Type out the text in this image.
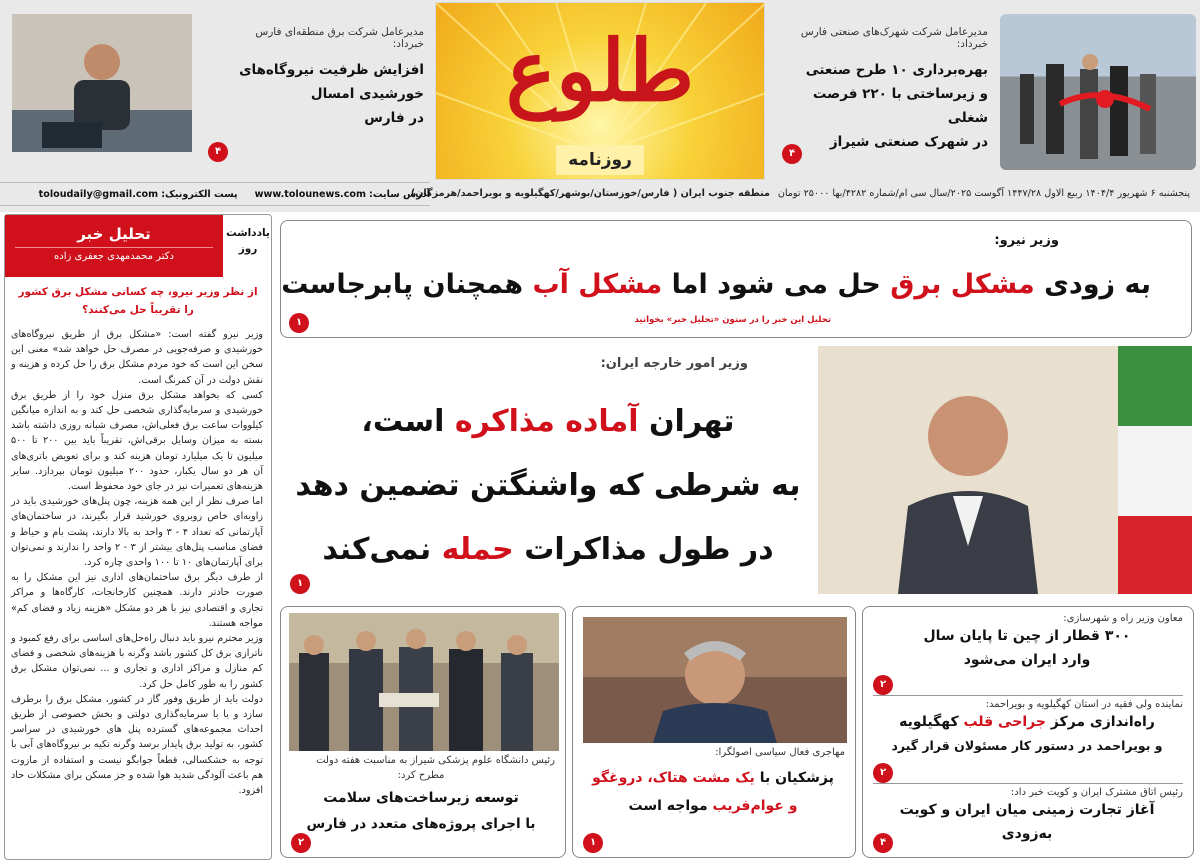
مدیرعامل شرکت شهرک‌های صنعتی فارس
خبرداد:
بهره‌برداری ۱۰ طرح صنعتی
و زیرساختی با ۲۲۰ فرصت شغلی
در شهرک صنعتی شیراز
۴
طلوع
روزنامه
مدیرعامل شرکت برق منطقه‌ای فارس
خبرداد:
افزایش ظرفیت نیروگاه‌های
خورشیدی امسال
در فارس
۴
پنجشنبه ۶ شهریور ۱۴۰۴/۴ ربیع الاول ۱۴۴۷/۲۸ آگوست ۲۰۲۵/سال سی ام/شماره ۴۲۸۲/بها ۲۵۰۰۰ تومان
منطقه جنوب ایران ( فارس/خوزستان/بوشهر/کهگیلویه و بویراحمد/هرمزگان)
آدرس سایت: www.tolounews.com پست الکترونیک: toloudaily@gmail.com
تحلیل خبر
دکتر محمدمهدی جعفری زاده
یادداشت روز
از نظر وزیر نیرو، چه کسانی مشکل برق کشور
را تقریباً حل می‌کنند؟

وزیر نیرو گفته است: «مشکل برق از طریق نیروگاه‌های خورشیدی و صرفه‌جویی در مصرف حل خواهد شد» معنی این سخن این است که خود مردم مشکل برق را حل کرده و هزینه و نقش دولت در آن کمرنگ است.

کسی که بخواهد مشکل برق منزل خود را از طریق برق خورشیدی و سرمایه‌گذاری شخصی حل کند و به اندازه میانگین کیلووات ساعت برق فعلی‌اش، مصرف شبانه روزی داشته باشد بسته به میزان وسایل برقی‌اش، تقریباً باید بین ۲۰۰ تا ۵۰۰ میلیون تا یک میلیارد تومان هزینه کند و برای تعویض باتری‌های آن هر دو سال یکبار، حدود ۲۰۰ میلیون تومان بپردازد. سایر هزینه‌های تعمیرات نیز در جای خود محفوظ است.

اما صرف نظر از این همه هزینه، چون پنل‌های خورشیدی باید در زاویه‌ای خاص روبروی خورشید قرار بگیرند، در ساختمان‌های آپارتمانی که تعداد ۴ - ۳ واحد به بالا دارند، پشت بام و حیاط و فضای مناسب پنل‌های بیشتر از ۳ - ۲ واحد را ندارند و نمی‌توان برای آپارتمان‌های ۱۰ تا ۱۰۰ واحدی چاره کرد.

از طرف دیگر برق ساختمان‌های اداری نیز این مشکل را به صورت حادتر دارند. همچنین کارخانجات، کارگاه‌ها و مراکز تجاری و اقتصادی نیز با هر دو مشکل «هزینه زیاد و فضای کم» مواجه هستند.

وزیر محترم نیرو باید دنبال راه‌حل‌های اساسی برای رفع کمبود و ناترازی برق کل کشور باشد وگرنه با هزینه‌های شخصی و فضای کم منازل و مراکز اداری و تجاری و ... نمی‌توان مشکل برق کشور را به طور کامل حل کرد.

دولت باید از طریق وفور گاز در کشور، مشکل برق را برطرف سازد و یا با سرمایه‌گذاری دولتی و بخش خصوصی از طریق احداث مجموعه‌های گسترده پنل های خورشیدی در سراسر کشور، به تولید برق پایدار برسد وگرنه تکیه بر نیروگاه‌های آبی با توجه به خشکسالی، قطعاً جوابگو نیست و استفاده از مازوت هم باعث آلودگی شدید هوا شده و جز مسکن برای مشکلات حاد افزود.

وزیر نیرو:
به زودی مشکل برق حل می شود اما مشکل آب همچنان پابرجاست
تحلیل این خبر را در ستون «تحلیل خبر» بخوانید
۱
وزیر امور خارجه ایران:
تهران آماده مذاکره است،
به شرطی که واشنگتن تضمین دهد
در طول مذاکرات حمله نمی‌کند
۱
معاون وزیر راه و شهرسازی:
۳۰۰ قطار از چین تا پایان سال
وارد ایران می‌شود
۲
نماینده ولی فقیه در استان کهگیلویه و بویراحمد:
راه‌اندازی مرکز جراحی قلب کهگیلویه
و بویراحمد در دستور کار مسئولان قرار گیرد
۲
رئیس اتاق مشترک ایران و کویت خبر داد:
آغاز تجارت زمینی میان ایران و کویت
به‌زودی
۴
مهاجری فعال سیاسی اصولگرا:
پزشکیان با یک مشت هتاک، دروغگو
و عوام‌فریب مواجه است
۱
رئیس دانشگاه علوم پزشکی شیراز به مناسبت هفته دولت
مطرح کرد:
توسعه زیرساخت‌های سلامت
با اجرای پروژه‌های متعدد در فارس
۲
